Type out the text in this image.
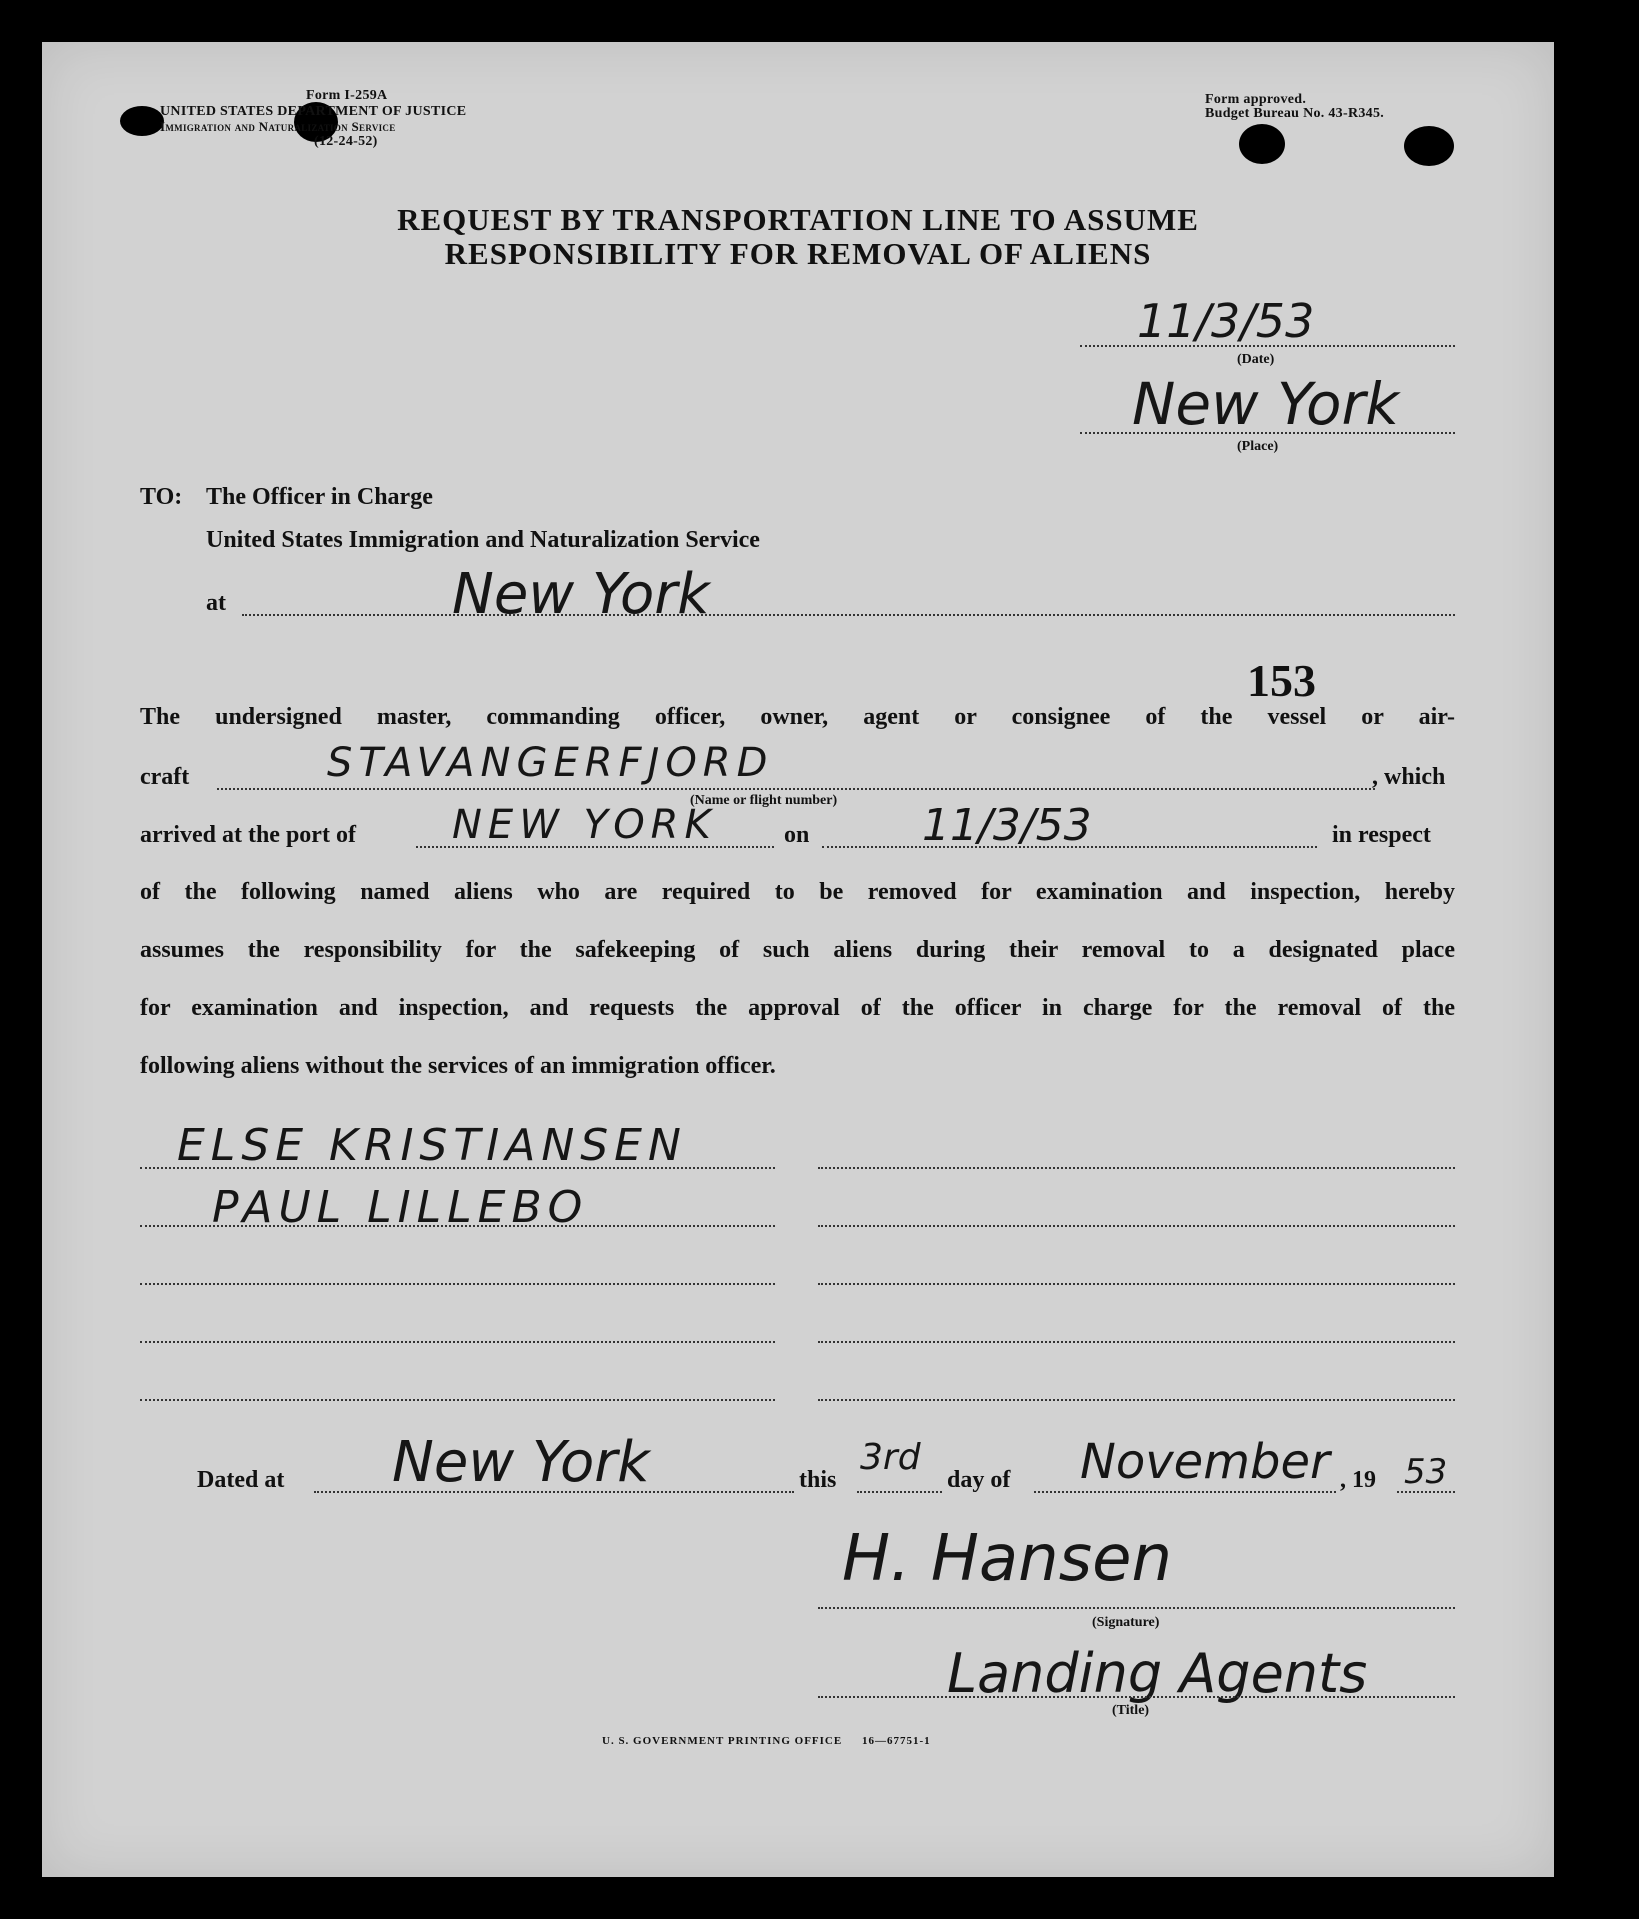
Form I-259A
UNITED STATES DEPARTMENT OF JUSTICE
Immigration and Naturalization Service
(12-24-52)
Form approved.
Budget Bureau No. 43-R345.
REQUEST BY TRANSPORTATION LINE TO ASSUME
RESPONSIBILITY FOR REMOVAL OF ALIENS
11/3/53
(Date)
New York
(Place)
TO: The Officer in Charge
United States Immigration and Naturalization Service
at	New York
153
The undersigned master, commanding officer, owner, agent or consignee of the vessel or air-
craft	STAVANGERFJORD	, which
(Name or flight number)
arrived at the port of NEW YORK	on	11/3/53	in respect
of the following named aliens who are required to be removed for examination and inspection, hereby
assumes the responsibility for the safekeeping of such aliens during their removal to a designated place
for examination and inspection, and requests the approval of the officer in charge for the removal of the
following aliens without the services of an immigration officer.
ELSE KRISTIANSEN
PAUL LILLEBO
Dated at New York	this
3rd
day of November , 19 53
H. Hansen
(Signature)
Landing Agents
(Title)
U. S. GOVERNMENT PRINTING OFFICE 16—67751-1
